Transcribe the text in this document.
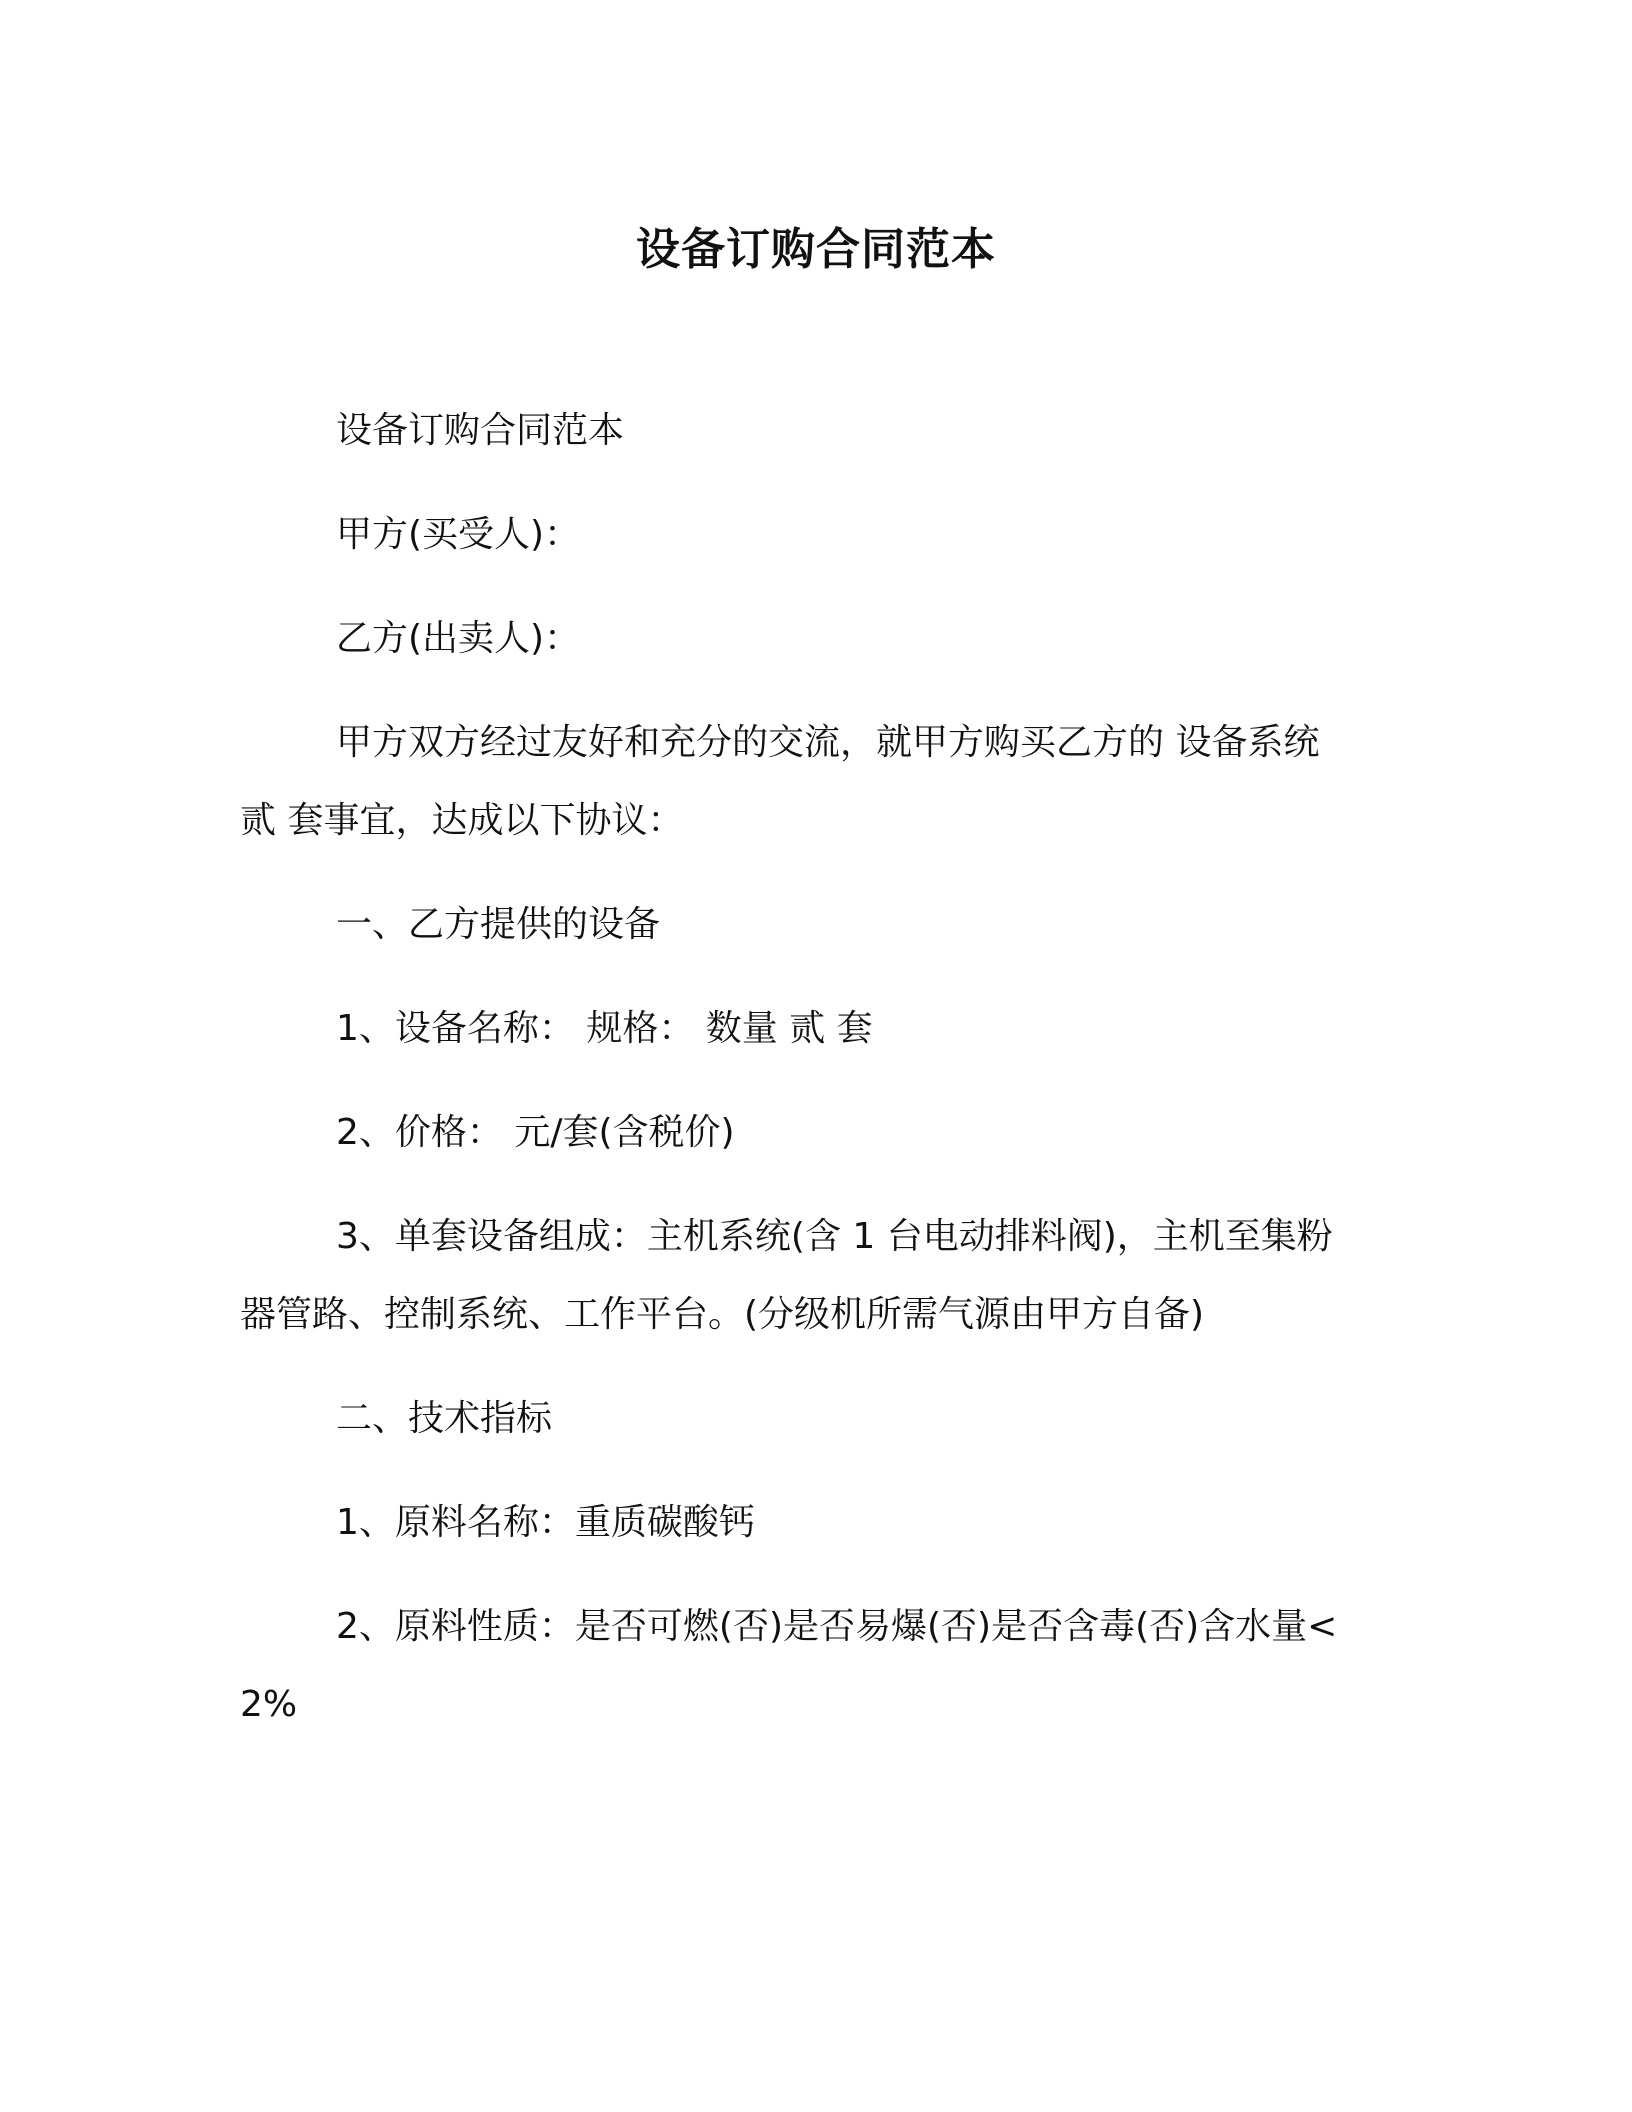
设备订购合同范本

设备订购合同范本

甲方(买受人)：

乙方(出卖人)：

甲方双方经过友好和充分的交流，就甲方购买乙方的 设备系统 贰 套事宜，达成以下协议：

一、乙方提供的设备

1、设备名称： 规格： 数量 贰 套

2、价格： 元/套(含税价)

3、单套设备组成：主机系统(含 1 台电动排料阀)，主机至集粉器管路、控制系统、工作平台。(分级机所需气源由甲方自备)

二、技术指标

1、原料名称：重质碳酸钙

2、原料性质：是否可燃(否)是否易爆(否)是否含毒(否)含水量<2%
